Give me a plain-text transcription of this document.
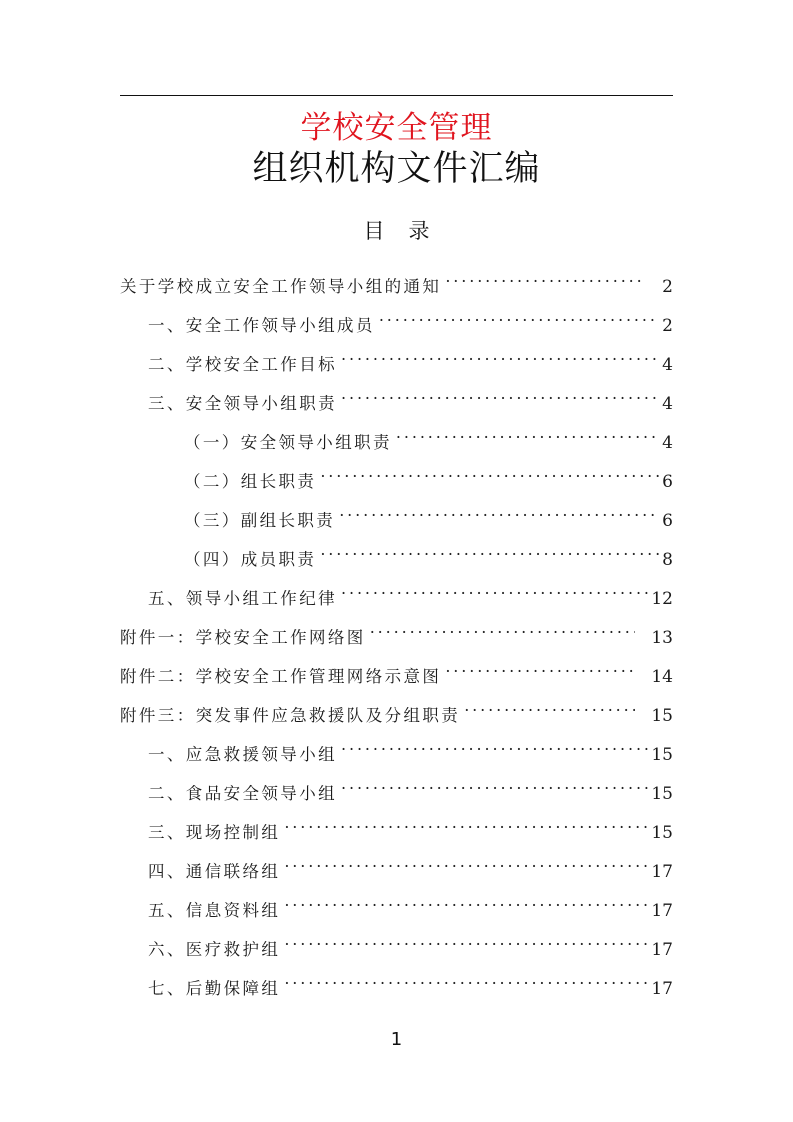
学校安全管理
组织机构文件汇编
目录
关于学校成立安全工作领导小组的通知 . . .	2
一、安全工作领导小组成员 . . .	2
二、学校安全工作目标 . . .	4
三、安全领导小组职责 . . .	4
（一）安全领导小组职责 . . .	4
（二）组长职责 . . .	6
（三）副组长职责 . . .	6
（四）成员职责 . . .	8
五、领导小组工作纪律 . . .	12
附件一：学校安全工作网络图 . . .	13
附件二：学校安全工作管理网络示意图 . . .	14
附件三：突发事件应急救援队及分组职责 . . .	15
一、应急救援领导小组 . . .	15
二、食品安全领导小组 . . .	15
三、现场控制组 . . .	15
四、通信联络组 . . .	17
五、信息资料组 . . .	17
六、医疗救护组 . . .	17
七、后勤保障组 . . .	17
1
